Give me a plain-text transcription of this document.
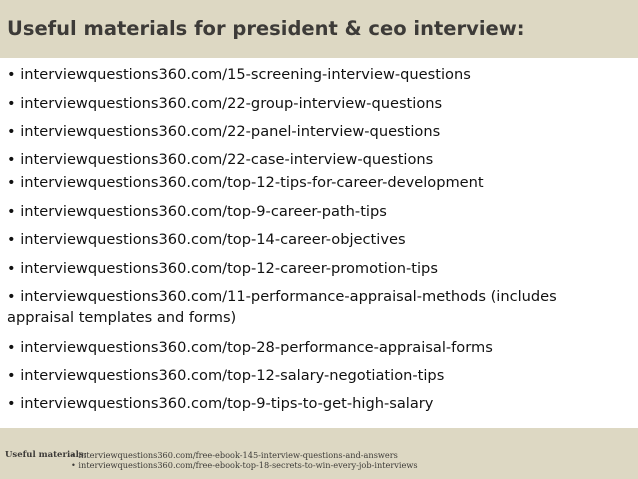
Useful materials for president & ceo interview:
• interviewquestions360.com/15-screening-interview-questions
• interviewquestions360.com/22-group-interview-questions
• interviewquestions360.com/22-panel-interview-questions
• interviewquestions360.com/22-case-interview-questions
• interviewquestions360.com/top-12-tips-for-career-development
• interviewquestions360.com/top-9-career-path-tips
• interviewquestions360.com/top-14-career-objectives
• interviewquestions360.com/top-12-career-promotion-tips
• interviewquestions360.com/11-performance-appraisal-methods (includes appraisal templates and forms)
• interviewquestions360.com/top-28-performance-appraisal-forms
• interviewquestions360.com/top-12-salary-negotiation-tips
• interviewquestions360.com/top-9-tips-to-get-high-salary
Useful materials:
• interviewquestions360.com/free-ebook-145-interview-questions-and-answers
• interviewquestions360.com/free-ebook-top-18-secrets-to-win-every-job-interviews
